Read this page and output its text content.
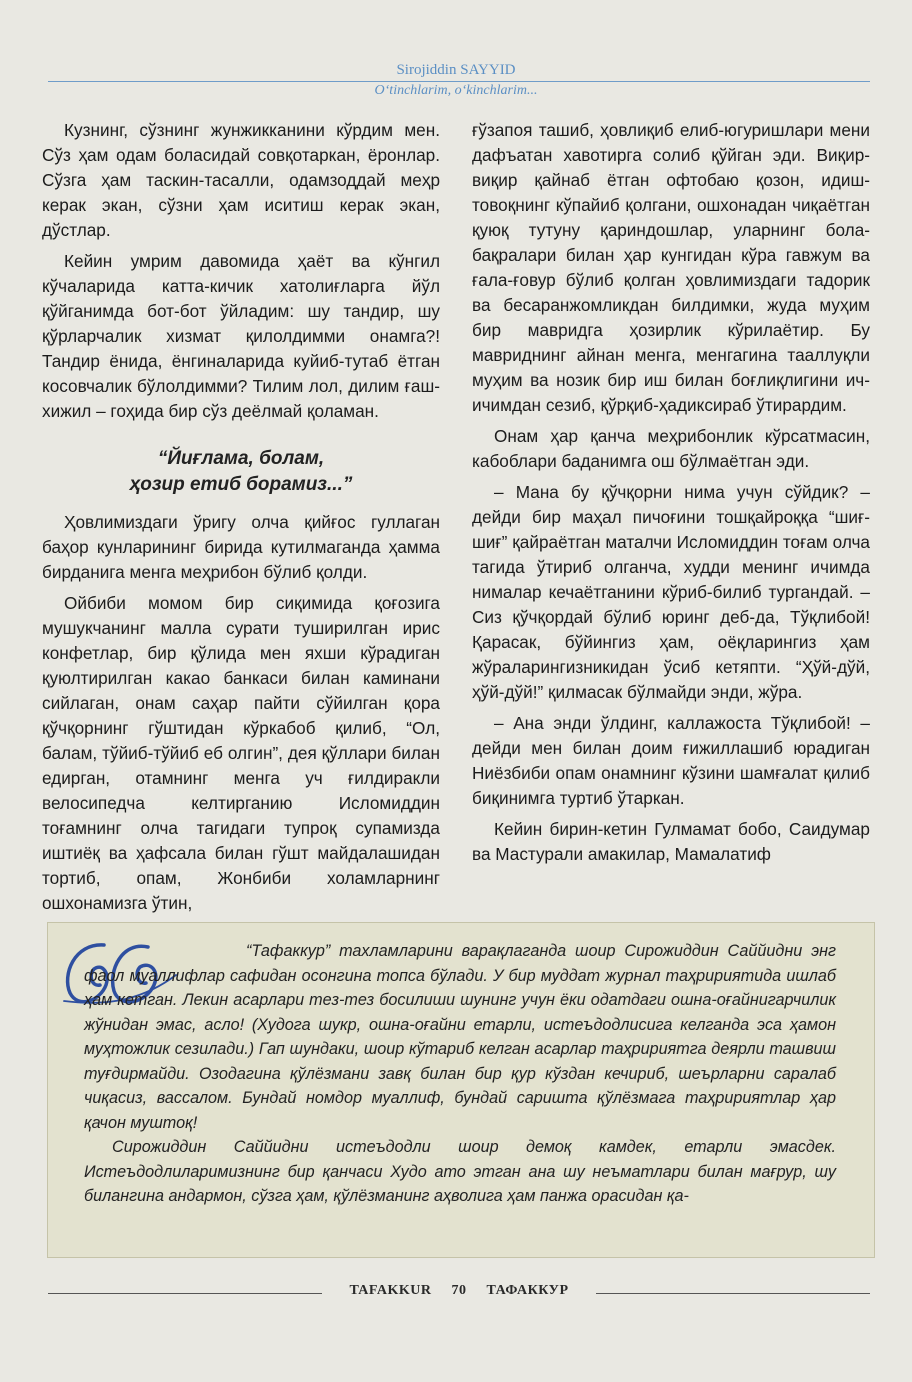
Sirojiddin SAYYID
O‘tinchlarim, o‘kinchlarim...

Кузнинг, сўзнинг жунжикканини кўрдим мен. Сўз ҳам одам боласидай совқотаркан, ёронлар. Сўзга ҳам таскин-тасалли, одамзоддай меҳр керак экан, сўзни ҳам иситиш керак экан, дўстлар.

Кейин умрим давомида ҳаёт ва кўнгил кўчаларида катта-кичик хатолиғларга йўл қўйганимда бот-бот ўйладим: шу тандир, шу қўрларчалик хизмат қилолдимми онамга?! Тандир ёнида, ёнгиналарида куйиб-тутаб ётган косовчалик бўлолдимми? Тилим лол, дилим ғаш-хижил – гоҳида бир сўз деёлмай қоламан.

“Йиғлама, болам,
ҳозир етиб борамиз...”

Ҳовлимиздаги ўригу олча қийғос гуллаган баҳор кунларининг бирида кутилмаганда ҳамма бирданига менга меҳрибон бўлиб қолди.

Ойбиби момом бир сиқимида қоғозига мушукчанинг малла сурати туширилган ирис конфетлар, бир қўлида мен яхши кўрадиган қуюлтирилган какао банкаси билан каминани сийлаган, онам саҳар пайти сўйилган қора қўчқорнинг гўштидан кўркабоб қилиб, “Ол, балам, тўйиб-тўйиб еб олгин”, дея қўллари билан едирган, отамнинг менга уч ғилдиракли велосипедча келтирганию Исломиддин тоғамнинг олча тагидаги тупроқ супамизда иштиёқ ва ҳафсала билан гўшт майдалашидан тортиб, опам, Жонбиби холамларнинг ошхонамизга ўтин,

ғўзапоя ташиб, ҳовлиқиб елиб-югуришлари мени дафъатан хавотирга солиб қўйган эди. Виқир-виқир қайнаб ётган офтобаю қозон, идиш-товоқнинг кўпайиб қолгани, ошхонадан чиқаётган қуюқ тутуну қариндошлар, уларнинг бола-бақралари билан ҳар кунгидан кўра гавжум ва ғала-ғовур бўлиб қолган ҳовлимиздаги тадорик ва бесаранжомликдан билдимки, жуда муҳим бир мавридга ҳозирлик кўрилаётир. Бу мавриднинг айнан менга, менгагина тааллуқли муҳим ва нозик бир иш билан боғлиқлигини ич-ичимдан сезиб, қўрқиб-ҳадиксираб ўтирардим.

Онам ҳар қанча меҳрибонлик кўрсатмасин, кабоблари баданимга ош бўлмаётган эди.

– Мана бу қўчқорни нима учун сўйдик? – дейди бир маҳал пичоғини тошқайроққа “шиғ-шиғ” қайраётган маталчи Исломиддин тоғам олча тагида ўтириб олганча, худди менинг ичимда нималар кечаётганини кўриб-билиб тургандай. – Сиз қўчқордай бўлиб юринг деб-да, Тўқлибой! Қарасак, бўйингиз ҳам, оёқларингиз ҳам жўраларингизникидан ўсиб кетяпти. “Ҳўй-дўй, ҳўй-дўй!” қилмасак бўлмайди энди, жўра.

– Ана энди ўлдинг, каллажоста Тўқлибой! – дейди мен билан доим ғижиллашиб юрадиган Ниёзбиби опам онамнинг кўзини шамғалат қилиб биқинимга туртиб ўтаркан.

Кейин бирин-кетин Гулмамат бобо, Саидумар ва Мастурали амакилар, Мамалатиф

“Тафаккур” тахламларини варақлаганда шоир Сирожиддин Саййидни энг фаол муаллифлар сафидан осонгина топса бўлади. У бир муддат журнал таҳририятида ишлаб ҳам кетган. Лекин асарлари тез-тез босилиши шунинг учун ёки одатдаги ошна-оғайнигарчилик жўнидан эмас, асло! (Худога шукр, ошна-оғайни етарли, истеъдодлисига келганда эса ҳамон муҳтожлик сезилади.) Гап шундаки, шоир кўтариб келган асарлар таҳририятга деярли ташвиш туғдирмайди. Озодагина қўлёзмани завқ билан бир қур кўздан кечириб, шеърларни саралаб чиқасиз, вассалом. Бундай номдор муаллиф, бундай саришта қўлёзмага таҳририятлар ҳар қачон муштоқ!

Сирожиддин Саййидни истеъдодли шоир демоқ камдек, етарли эмасдек. Истеъдодлиларимизнинг бир қанчаси Худо ато этган ана шу неъматлари билан мағрур, шу билангина андармон, сўзга ҳам, қўлёзманинг аҳволига ҳам панжа орасидан қа-

TAFAKKUR 70 ТАФАККУР
